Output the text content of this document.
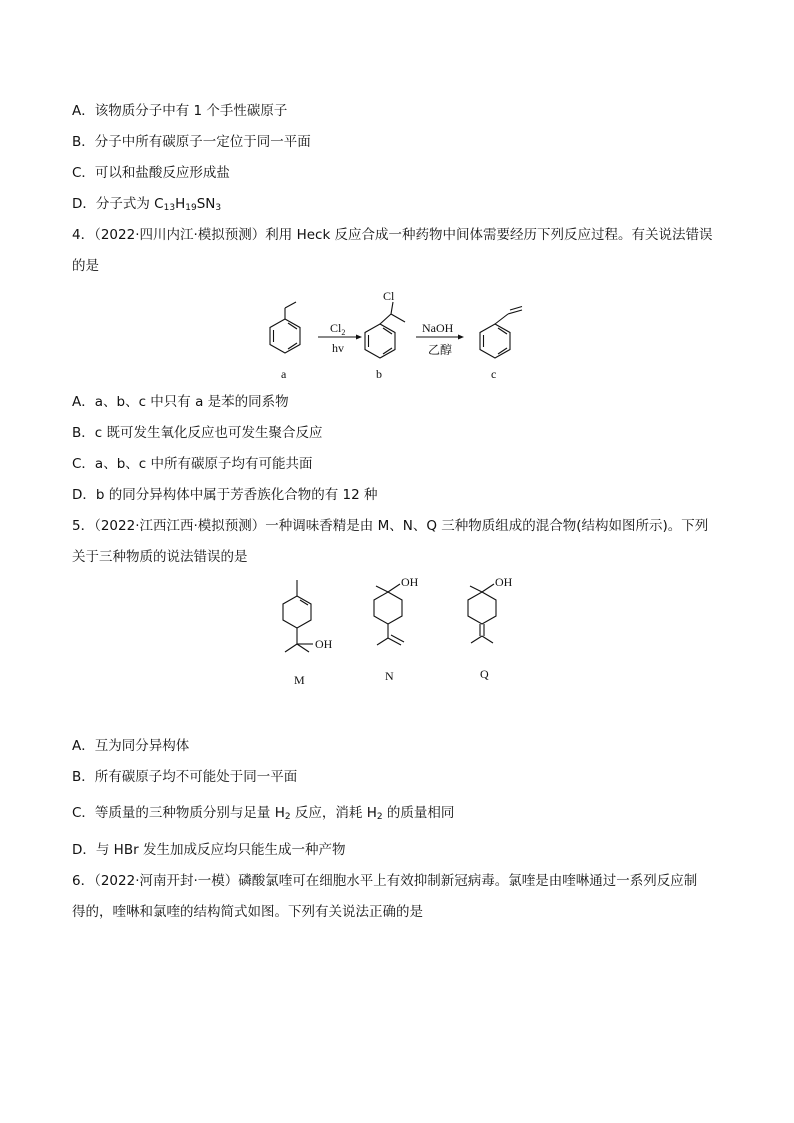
A．该物质分子中有 1 个手性碳原子
B．分子中所有碳原子一定位于同一平面
C．可以和盐酸反应形成盐
D．分子式为 $C_{13}H_{19}SN_3$
4．（2022·四川内江·模拟预测）利用 Heck 反应合成一种药物中间体需要经历下列反应过程。有关说法错误
的是
$Cl_2$
hv
Cl
NaOH
乙醇
a	b	c
A．a、b、c 中只有 a 是苯的同系物
B．c 既可发生氧化反应也可发生聚合反应
C．a、b、c 中所有碳原子均有可能共面
D．b 的同分异构体中属于芳香族化合物的有 12 种
5．（2022·江西江西·模拟预测）一种调味香精是由 M、N、Q 三种物质组成的混合物(结构如图所示)。下列
关于三种物质的说法错误的是
OH
M
OH
N
OH
Q
A．互为同分异构体
B．所有碳原子均不可能处于同一平面
C．等质量的三种物质分别与足量 $H_2$ 反应，消耗 $H_2$ 的质量相同
D．与 HBr 发生加成反应均只能生成一种产物
6．（2022·河南开封·一模）磷酸氯喹可在细胞水平上有效抑制新冠病毒。氯喹是由喹啉通过一系列反应制
得的，喹啉和氯喹的结构简式如图。下列有关说法正确的是
